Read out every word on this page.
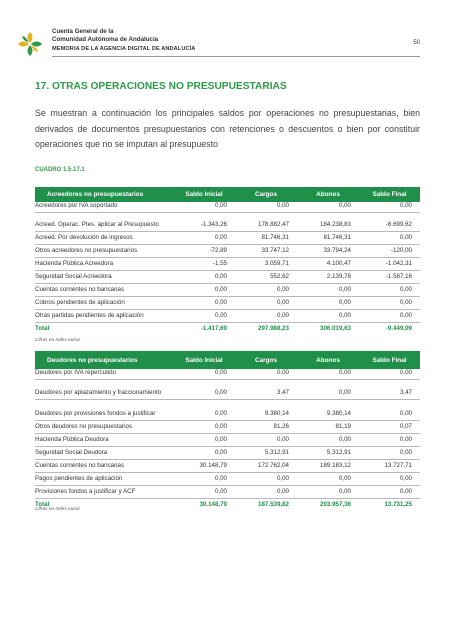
Cuenta General de la
Comunidad Autónoma de Andalucía
MEMORIA DE LA AGENCIA DIGITAL DE ANDALUCÍA
50
17. OTRAS OPERACIONES NO PRESUPUESTARIAS
Se muestran a continuación los principales saldos por operaciones no presupuestarias, bien derivados de documentos presupuestarios con retenciones o descuentos o bien por constituir operaciones que no se imputan al presupuesto
CUADRO 1.5.17.1
Acreedores no presupuestarios	Saldo Inicial	Cargos	Abonos	Saldo Final
Acreedores por IVA soportado	0,00	0,00	0,00	0,00
Acreed. Operac. Ptes. aplicar al Presupuesto	-1.343,26	178.882,47	184.238,83	-6.699,62
Acreed. Por devolución de ingresos	0,00	81.746,31	81.746,31	0,00
Otros acreedores no presupuestarios	-72,89	33.747,12	33.794,24	-120,00
Hacienda Pública Acreedora	-1,55	3.059,71	4.100,47	-1.042,31
Seguridad Social Acreedora	0,00	552,62	2.139,78	-1.587,16
Cuentas corrientes no bancarias	0,00	0,00	0,00	0,00
Cobros pendientes de aplicación	0,00	0,00	0,00	0,00
Otras partidas pendientes de aplicación	0,00	0,00	0,00	0,00
Total	-1.417,69	297.988,23	306.019,63	-9.449,09
Cifras en miles euros
Deudores no presupuestarios	Saldo Inicial	Cargos	Abonos	Saldo Final
Deudores por IVA repercutido	0,00	0,00	0,00	0,00
Deudores por aplazamiento y fraccionamiento	0,00	3,47	0,00	3,47
Deudores por provisiones fondos a justificar	0,00	9.380,14	9.380,14	0,00
Otros deudores no presupuestarios	0,00	81,26	81,19	0,07
Hacienda Pública Deudora	0,00	0,00	0,00	0,00
Seguridad Social Deudora	0,00	5.312,91	5.312,91	0,00
Cuentas corrientes no bancarias	30.148,79	172.762,04	189.183,12	13.727,71
Pagos pendientes de aplicación	0,00	0,00	0,00	0,00
Provisiones fondos a justificar y ACF	0,00	0,00	0,00	0,00
Total	30.148,79	187.539,82	203.957,36	13.731,25
Cifras en miles euros
